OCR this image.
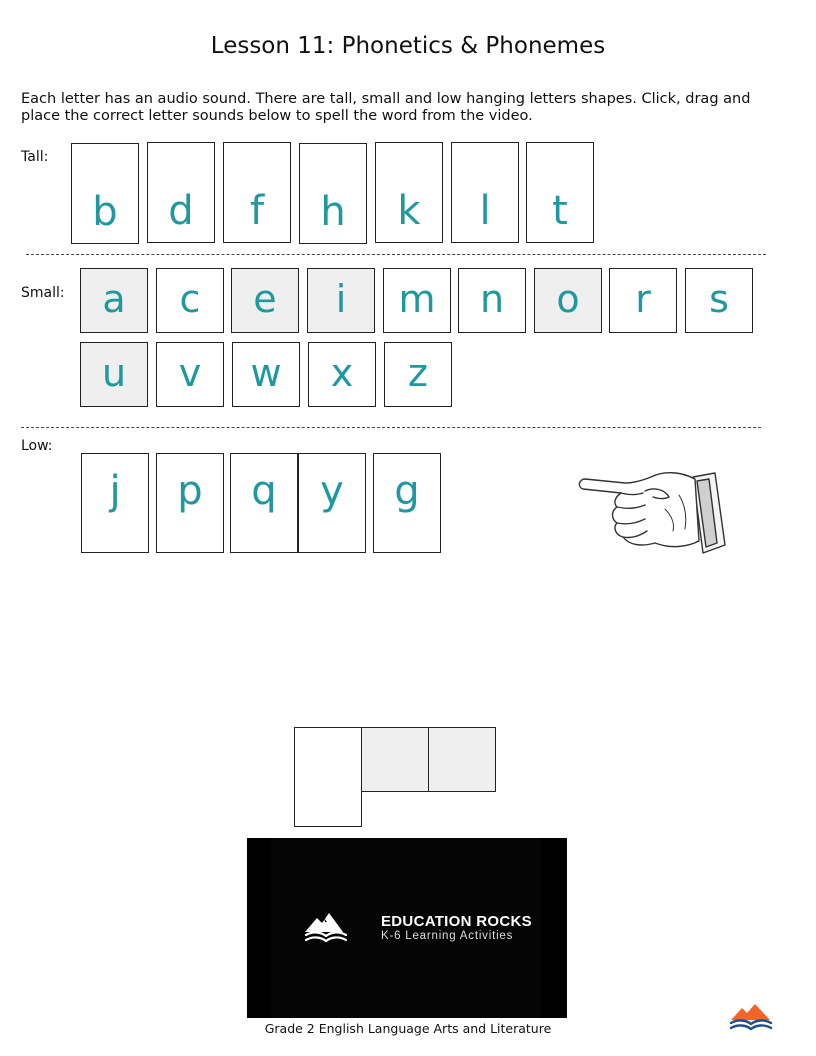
Lesson 11: Phonetics & Phonemes
Each letter has an audio sound. There are tall, small and low hanging letters shapes. Click, drag and place the correct letter sounds below to spell the word from the video.
Tall:
b	d	f	h	k	l	t
Small: a	c	e	i	m	n	o	r	s
u	v	w	x	z
Low:
j	p	q	y	g
EDUCATION ROCKS
K-6 Learning Activities
Grade 2 English Language Arts and Literature
